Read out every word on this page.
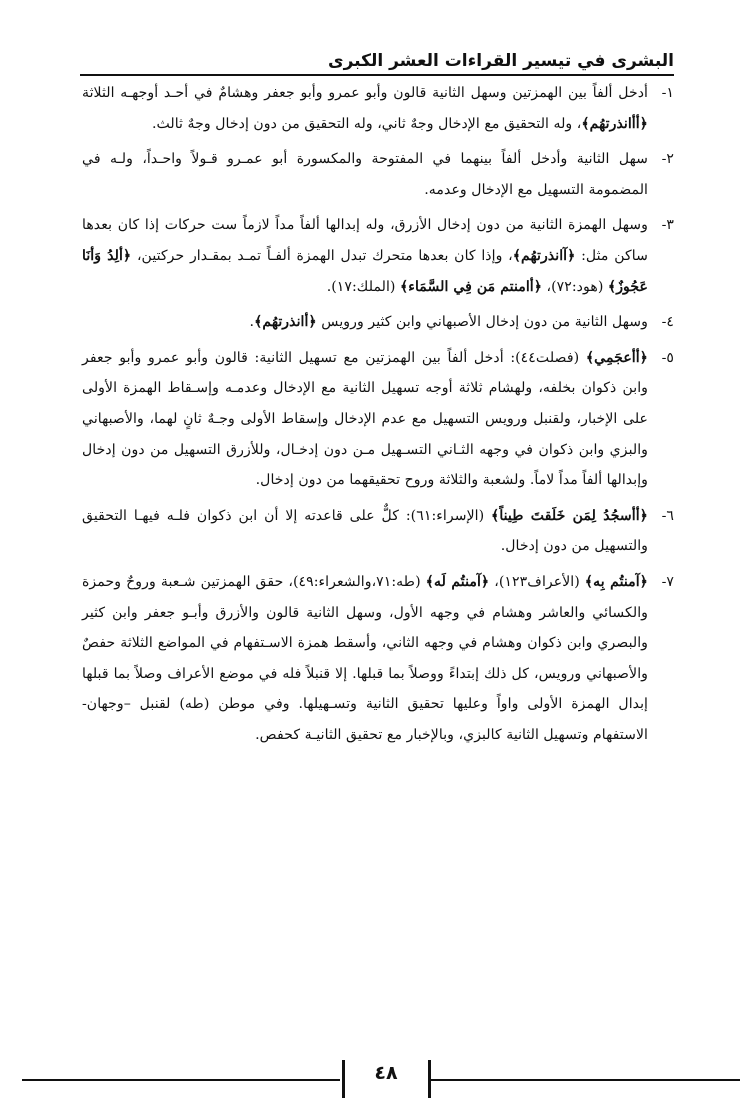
البشرى في تيسير القراءات العشر الكبرى
١-
أدخل ألفاً بين الهمزتين وسهل الثانية قالون وأبو عمرو وأبو جعفر وهشامٌ في أحـد أوجهـه الثلاثة ﴿أأانذرتهُم﴾، وله التحقيق مع الإدخال وجهٌ ثاني، وله التحقيق من دون إدخال وجهٌ ثالث.
٢-
سهل الثانية وأدخل ألفاً بينهما في المفتوحة والمكسورة أبو عمـرو قـولاً واحـداً، ولـه في المضمومة التسهيل مع الإدخال وعدمه.
٣-
وسهل الهمزة الثانية من دون إدخال الأزرق، وله إبدالها ألفاً مداً لازماً ست حركات إذا كان بعدها ساكن مثل: ﴿آانذرتهُم﴾، وإذا كان بعدها متحرك تبدل الهمزة ألفـاً تمـد بمقـدار حركتين، ﴿ألِدُ وَأنَا عَجُوزٌ﴾ (هود:٧٢)، ﴿أامنتم مَن فِي السَّمَاء﴾ (الملك:١٧).
٤-
وسهل الثانية من دون إدخال الأصبهاني وابن كثير ورويس ﴿أانذرتهُم﴾.
٥-
﴿أأعجَمِي﴾ (فصلت٤٤): أدخل ألفاً بين الهمزتين مع تسهيل الثانية: قالون وأبو عمرو وأبو جعفر وابن ذكوان بخلفه، ولهشام ثلاثة أوجه تسهيل الثانية مع الإدخال وعدمـه وإسـقاط الهمزة الأولى على الإخبار، ولقنبل ورويس التسهيل مع عدم الإدخال وإسقاط الأولى وجـهٌ ثانٍ لهما، والأصبهاني والبزي وابن ذكوان في وجهه الثـاني التسـهيل مـن دون إدخـال، وللأزرق التسهيل من دون إدخال وإبدالها ألفاً مداً لاماً. ولشعبة والثلاثة وروح تحقيقهما من دون إدخال.
٦-
﴿أأسجُدُ لِمَن خَلَقتَ طِيناً﴾ (الإسراء:٦١): كلٌّ على قاعدته إلا أن ابن ذكوان فلـه فيهـا التحقيق والتسهيل من دون إدخال.
٧-
﴿آمنتُم بِه﴾ (الأعراف١٢٣)، ﴿آمنتُم لَه﴾ (طه:٧١،والشعراء:٤٩)، حقق الهمزتين شـعبة وروحٌ وحمزة والكسائي والعاشر وهشام في وجهه الأول، وسهل الثانية قالون والأزرق وأبـو جعفر وابن كثير والبصري وابن ذكوان وهشام في وجهه الثاني، وأسقط همزة الاسـتفهام في المواضع الثلاثة حفصٌ والأصبهاني ورويس، كل ذلك إبتداءً ووصلاً بما قبلها. إلا قنبلاً فله في موضع الأعراف وصلاً بما قبلها إبدال الهمزة الأولى واواً وعليها تحقيق الثانية وتسـهيلها. وفي موطن (طه) لقنبل –وجهان- الاستفهام وتسهيل الثانية كالبزي، وبالإخبار مع تحقيق الثانيـة كحفص.
٤٨
